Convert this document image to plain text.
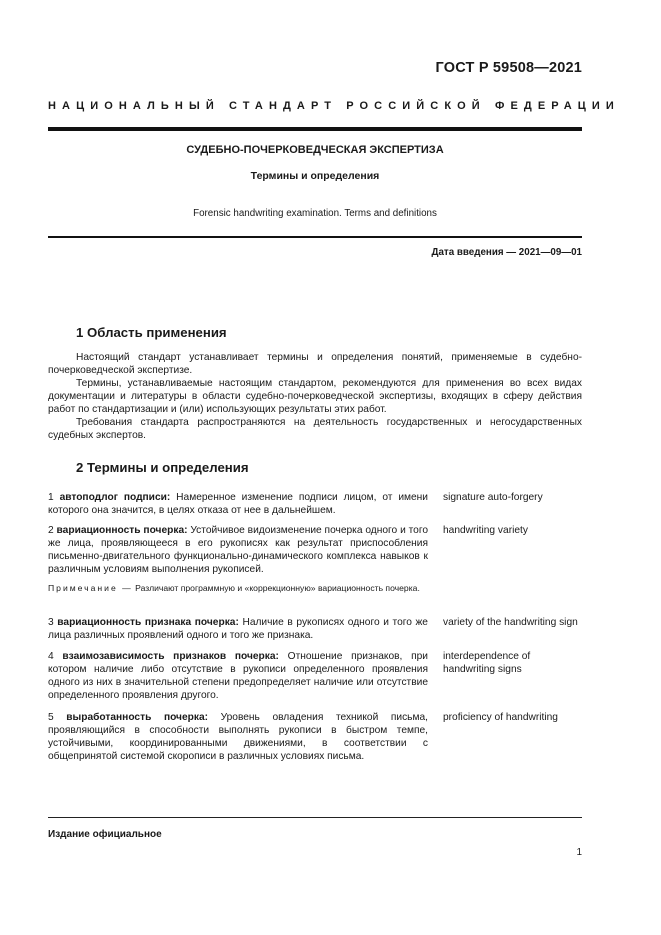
ГОСТ Р 59508—2021
НАЦИОНАЛЬНЫЙ СТАНДАРТ РОССИЙСКОЙ ФЕДЕРАЦИИ
СУДЕБНО-ПОЧЕРКОВЕДЧЕСКАЯ ЭКСПЕРТИЗА
Термины и определения
Forensic handwriting examination. Terms and definitions
Дата введения — 2021—09—01
1 Область применения

Настоящий стандарт устанавливает термины и определения понятий, применяемые в судебно-почерковедческой экспертизе.

Термины, устанавливаемые настоящим стандартом, рекомендуются для применения во всех видах документации и литературы в области судебно-почерковедческой экспертизы, входящих в сферу действия работ по стандартизации и (или) использующих результаты этих работ.

Требования стандарта распространяются на деятельность государственных и негосударственных судебных экспертов.

2 Термины и определения
1 автоподлог подписи: Намеренное изменение подписи лицом, от имени которого она значится, в целях отказа от нее в дальнейшем.
signature auto-forgery
2 вариационность почерка: Устойчивое видоизменение почерка одного и того же лица, проявляющееся в его рукописях как результат приспособления письменно-двигательного функционально-динамического комплекса навыков к различным условиям выполнения рукописей.
handwriting variety
Примечание — Различают программную и «коррекционную» вариационность почерка.
3 вариационность признака почерка: Наличие в рукописях одного и того же лица различных проявлений одного и того же признака.
variety of the handwriting sign
4 взаимозависимость признаков почерка: Отношение признаков, при котором наличие либо отсутствие в рукописи определенного проявления одного из них в значительной степени предопределяет наличие или отсутствие определенного проявления другого.
interdependence of handwriting signs
5 выработанность почерка: Уровень овладения техникой письма, проявляющийся в способности выполнять рукописи в быстром темпе, устойчивыми, координированными движениями, в соответствии с общепринятой системой скорописи в различных условиях письма.
proficiency of handwriting
Издание официальное
1
